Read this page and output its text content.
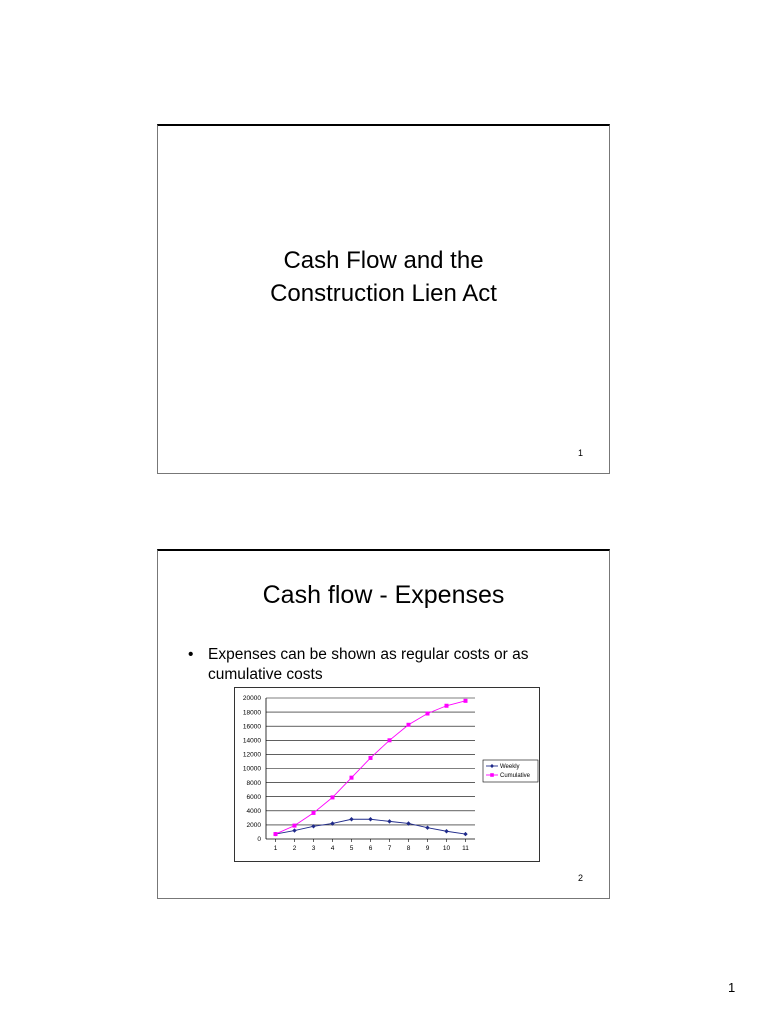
Cash Flow and the
Construction Lien Act
1
Cash flow - Expenses
• Expenses can be shown as regular costs or as cumulative costs
0
2000
4000
6000
8000
10000
12000
14000
16000
18000
20000
1 2 3 4 5 6 7 8 9 10 11
Weekly
Cumulative
2
1
